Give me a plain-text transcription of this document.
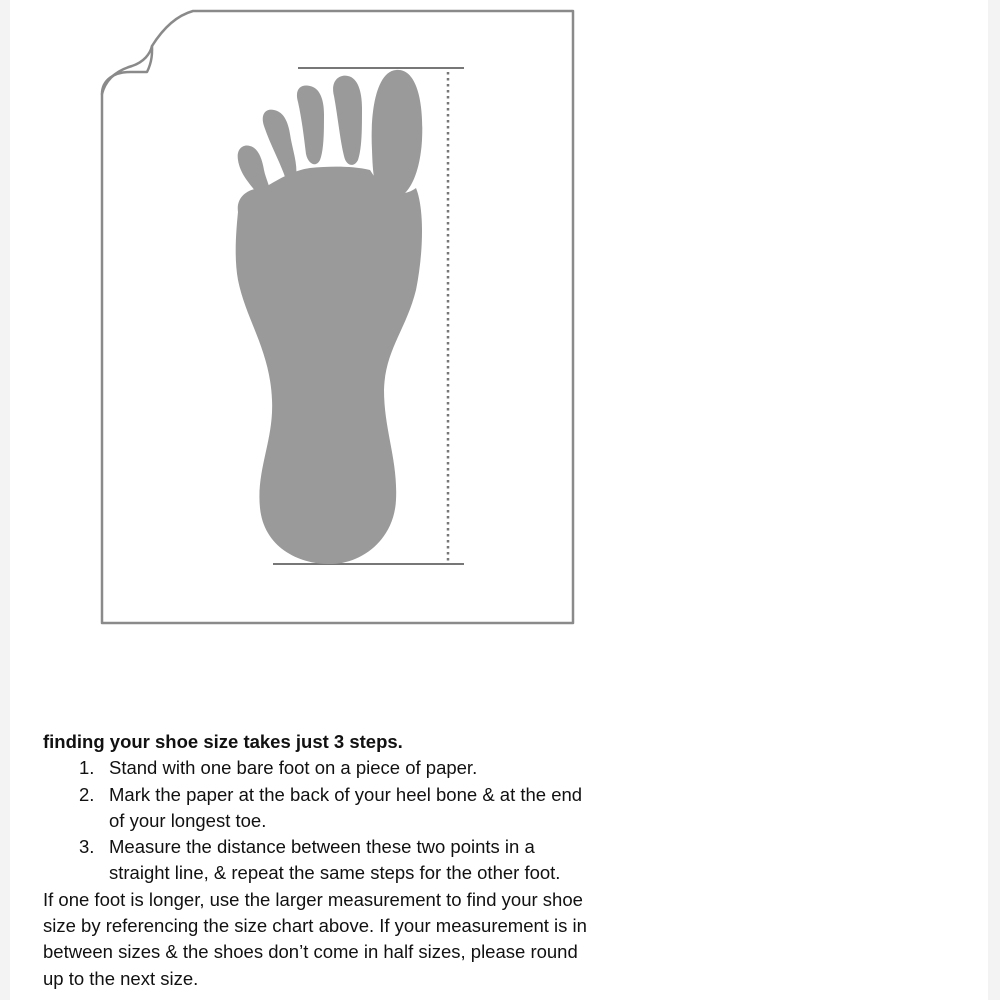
finding your shoe size takes just 3 steps.

1. Stand with one bare foot on a piece of paper.
2. Mark the paper at the back of your heel bone & at the end
of your longest toe.
3. Measure the distance between these two points in a
straight line, & repeat the same steps for the other foot.

If one foot is longer, use the larger measurement to find your shoe
size by referencing the size chart above. If your measurement is in
between sizes & the shoes don’t come in half sizes, please round
up to the next size.
